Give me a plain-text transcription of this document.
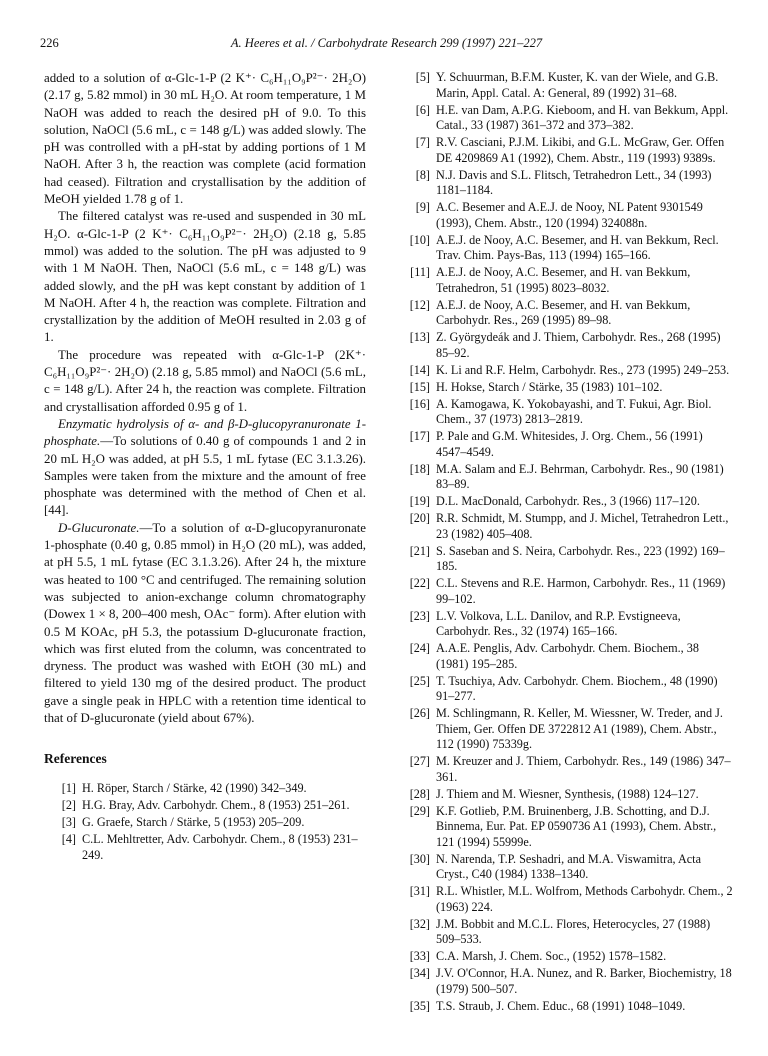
226	A. Heeres et al. / Carbohydrate Research 299 (1997) 221–227

added to a solution of α-Glc-1-P (2 K⁺· C₆H₁₁O₉P²⁻· 2H₂O) (2.17 g, 5.82 mmol) in 30 mL H₂O. At room temperature, 1 M NaOH was added to reach the desired pH of 9.0. To this solution, NaOCl (5.6 mL, c = 148 g/L) was added slowly. The pH was controlled with a pH-stat by adding portions of 1 M NaOH. After 3 h, the reaction was complete (acid formation had ceased). Filtration and crystallisation by the addition of MeOH yielded 1.78 g of 1.

The filtered catalyst was re-used and suspended in 30 mL H₂O. α-Glc-1-P (2 K⁺· C₆H₁₁O₉P²⁻· 2H₂O) (2.18 g, 5.85 mmol) was added to the solution. The pH was adjusted to 9 with 1 M NaOH. Then, NaOCl (5.6 mL, c = 148 g/L) was added slowly, and the pH was kept constant by addition of 1 M NaOH. After 4 h, the reaction was complete. Filtration and crystallization by the addition of MeOH resulted in 2.03 g of 1.

The procedure was repeated with α-Glc-1-P (2K⁺· C₆H₁₁O₉P²⁻· 2H₂O) (2.18 g, 5.85 mmol) and NaOCl (5.6 mL, c = 148 g/L). After 24 h, the reaction was complete. Filtration and crystallisation afforded 0.95 g of 1.

Enzymatic hydrolysis of α- and β-D-glucopyranuronate 1-phosphate.—To solutions of 0.40 g of compounds 1 and 2 in 20 mL H₂O was added, at pH 5.5, 1 mL fytase (EC 3.1.3.26). Samples were taken from the mixture and the amount of free phosphate was determined with the method of Chen et al. [44].

D-Glucuronate.—To a solution of α-D-glucopyranuronate 1-phosphate (0.40 g, 0.85 mmol) in H₂O (20 mL), was added, at pH 5.5, 1 mL fytase (EC 3.1.3.26). After 24 h, the mixture was heated to 100 °C and centrifuged. The remaining solution was subjected to anion-exchange column chromatography (Dowex 1 × 8, 200–400 mesh, OAc⁻ form). After elution with 0.5 M KOAc, pH 5.3, the potassium D-glucuronate fraction, which was first eluted from the column, was concentrated to dryness. The product was washed with EtOH (30 mL) and filtered to yield 130 mg of the desired product. The product gave a single peak in HPLC with a retention time identical to that of D-glucuronate (yield about 67%).

References
[1] H. Röper, Starch / Stärke, 42 (1990) 342–349.
[2] H.G. Bray, Adv. Carbohydr. Chem., 8 (1953) 251–261.
[3] G. Graefe, Starch / Stärke, 5 (1953) 205–209.
[4] C.L. Mehltretter, Adv. Carbohydr. Chem., 8 (1953) 231–249.
[5] Y. Schuurman, B.F.M. Kuster, K. van der Wiele, and G.B. Marin, Appl. Catal. A: General, 89 (1992) 31–68.
[6] H.E. van Dam, A.P.G. Kieboom, and H. van Bekkum, Appl. Catal., 33 (1987) 361–372 and 373–382.
[7] R.V. Casciani, P.J.M. Likibi, and G.L. McGraw, Ger. Offen DE 4209869 A1 (1992), Chem. Abstr., 119 (1993) 9389s.
[8] N.J. Davis and S.L. Flitsch, Tetrahedron Lett., 34 (1993) 1181–1184.
[9] A.C. Besemer and A.E.J. de Nooy, NL Patent 9301549 (1993), Chem. Abstr., 120 (1994) 324088n.
[10] A.E.J. de Nooy, A.C. Besemer, and H. van Bekkum, Recl. Trav. Chim. Pays-Bas, 113 (1994) 165–166.
[11] A.E.J. de Nooy, A.C. Besemer, and H. van Bekkum, Tetrahedron, 51 (1995) 8023–8032.
[12] A.E.J. de Nooy, A.C. Besemer, and H. van Bekkum, Carbohydr. Res., 269 (1995) 89–98.
[13] Z. Györgydeák and J. Thiem, Carbohydr. Res., 268 (1995) 85–92.
[14] K. Li and R.F. Helm, Carbohydr. Res., 273 (1995) 249–253.
[15] H. Hokse, Starch / Stärke, 35 (1983) 101–102.
[16] A. Kamogawa, K. Yokobayashi, and T. Fukui, Agr. Biol. Chem., 37 (1973) 2813–2819.
[17] P. Pale and G.M. Whitesides, J. Org. Chem., 56 (1991) 4547–4549.
[18] M.A. Salam and E.J. Behrman, Carbohydr. Res., 90 (1981) 83–89.
[19] D.L. MacDonald, Carbohydr. Res., 3 (1966) 117–120.
[20] R.R. Schmidt, M. Stumpp, and J. Michel, Tetrahedron Lett., 23 (1982) 405–408.
[21] S. Saseban and S. Neira, Carbohydr. Res., 223 (1992) 169–185.
[22] C.L. Stevens and R.E. Harmon, Carbohydr. Res., 11 (1969) 99–102.
[23] L.V. Volkova, L.L. Danilov, and R.P. Evstigneeva, Carbohydr. Res., 32 (1974) 165–166.
[24] A.A.E. Penglis, Adv. Carbohydr. Chem. Biochem., 38 (1981) 195–285.
[25] T. Tsuchiya, Adv. Carbohydr. Chem. Biochem., 48 (1990) 91–277.
[26] M. Schlingmann, R. Keller, M. Wiessner, W. Treder, and J. Thiem, Ger. Offen DE 3722812 A1 (1989), Chem. Abstr., 112 (1990) 75339g.
[27] M. Kreuzer and J. Thiem, Carbohydr. Res., 149 (1986) 347–361.
[28] J. Thiem and M. Wiesner, Synthesis, (1988) 124–127.
[29] K.F. Gotlieb, P.M. Bruinenberg, J.B. Schotting, and D.J. Binnema, Eur. Pat. EP 0590736 A1 (1993), Chem. Abstr., 121 (1994) 55999e.
[30] N. Narenda, T.P. Seshadri, and M.A. Viswamitra, Acta Cryst., C40 (1984) 1338–1340.
[31] R.L. Whistler, M.L. Wolfrom, Methods Carbohydr. Chem., 2 (1963) 224.
[32] J.M. Bobbit and M.C.L. Flores, Heterocycles, 27 (1988) 509–533.
[33] C.A. Marsh, J. Chem. Soc., (1952) 1578–1582.
[34] J.V. O'Connor, H.A. Nunez, and R. Barker, Biochemistry, 18 (1979) 500–507.
[35] T.S. Straub, J. Chem. Educ., 68 (1991) 1048–1049.
